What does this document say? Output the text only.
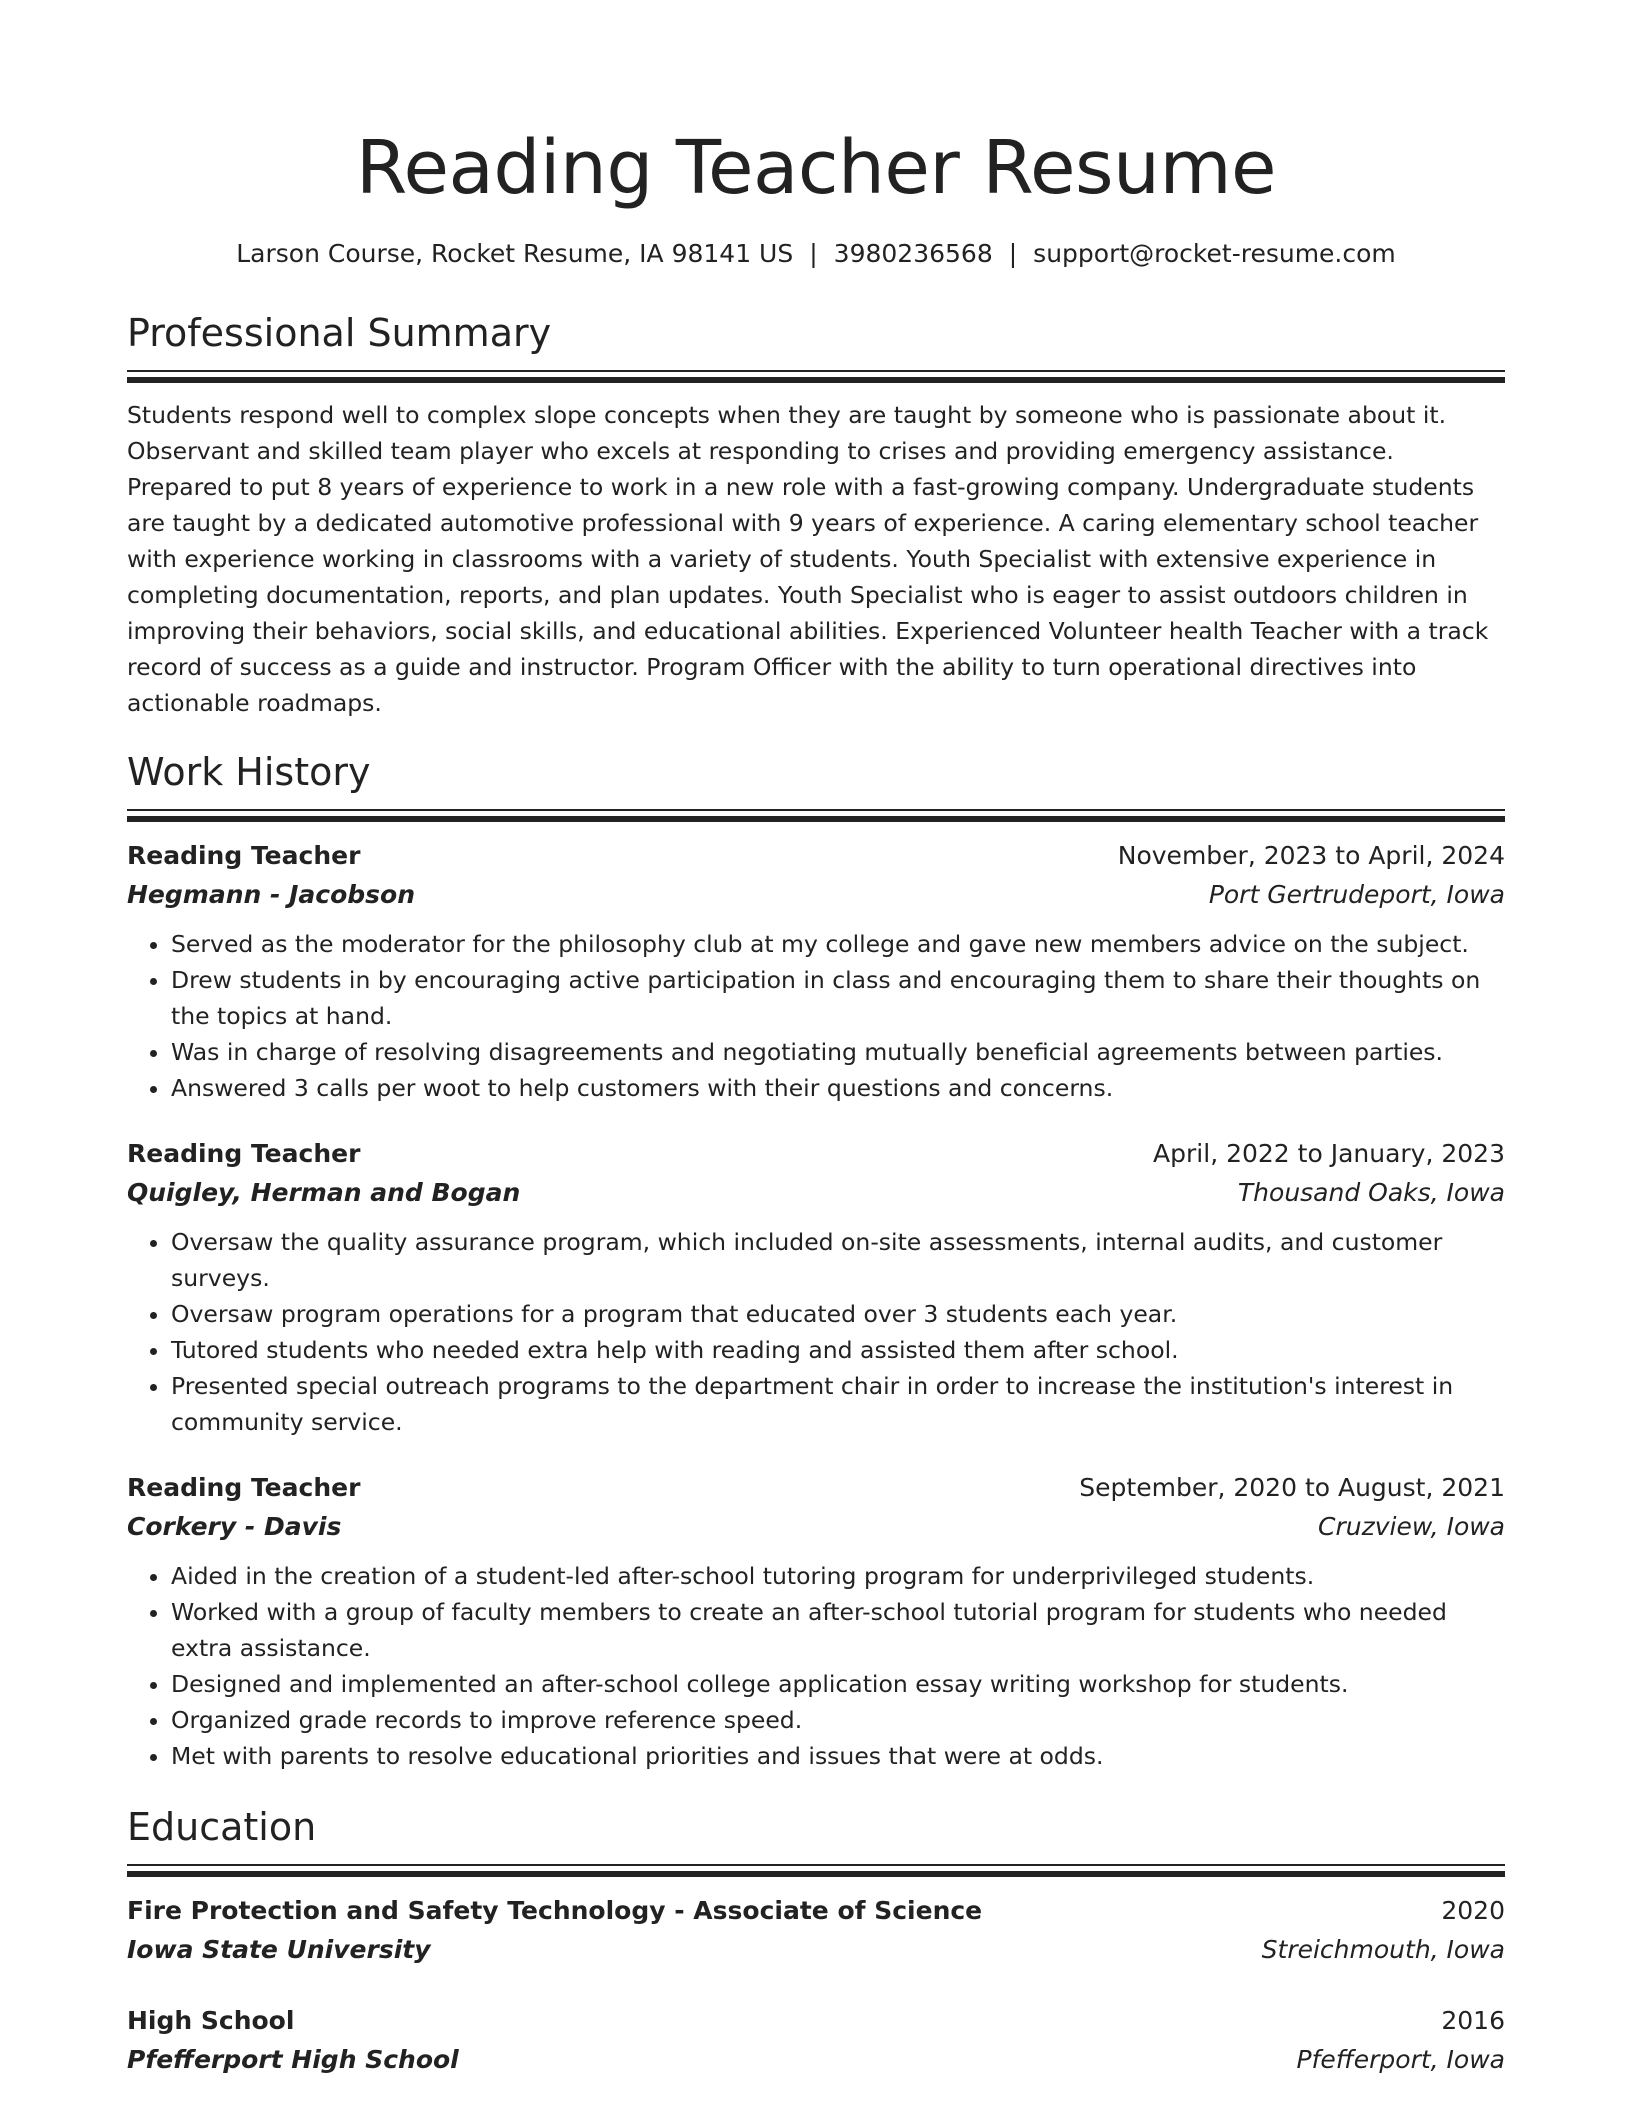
Reading Teacher Resume
Larson Course, Rocket Resume, IA 98141 US | 3980236568 | support@rocket-resume.com
Professional Summary

Students respond well to complex slope concepts when they are taught by someone who is passionate about it. Observant and skilled team player who excels at responding to crises and providing emergency assistance. Prepared to put 8 years of experience to work in a new role with a fast-growing company. Undergraduate students are taught by a dedicated automotive professional with 9 years of experience. A caring elementary school teacher with experience working in classrooms with a variety of students. Youth Specialist with extensive experience in completing documentation, reports, and plan updates. Youth Specialist who is eager to assist outdoors children in improving their behaviors, social skills, and educational abilities. Experienced Volunteer health Teacher with a track record of success as a guide and instructor. Program Officer with the ability to turn operational directives into actionable roadmaps.

Work History
Reading Teacher	November, 2023 to April, 2024
Hegmann - Jacobson	Port Gertrudeport, Iowa
• Served as the moderator for the philosophy club at my college and gave new members advice on the subject.
• Drew students in by encouraging active participation in class and encouraging them to share their thoughts on the topics at hand.
• Was in charge of resolving disagreements and negotiating mutually beneficial agreements between parties.
• Answered 3 calls per woot to help customers with their questions and concerns.
Reading Teacher	April, 2022 to January, 2023
Quigley, Herman and Bogan	Thousand Oaks, Iowa
• Oversaw the quality assurance program, which included on-site assessments, internal audits, and customer surveys.
• Oversaw program operations for a program that educated over 3 students each year.
• Tutored students who needed extra help with reading and assisted them after school.
• Presented special outreach programs to the department chair in order to increase the institution's interest in community service.
Reading Teacher	September, 2020 to August, 2021
Corkery - Davis	Cruzview, Iowa
• Aided in the creation of a student-led after-school tutoring program for underprivileged students.
• Worked with a group of faculty members to create an after-school tutorial program for students who needed extra assistance.
• Designed and implemented an after-school college application essay writing workshop for students.
• Organized grade records to improve reference speed.
• Met with parents to resolve educational priorities and issues that were at odds.
Education
Fire Protection and Safety Technology - Associate of Science	2020
Iowa State University	Streichmouth, Iowa
High School	2016
Pfefferport High School	Pfefferport, Iowa
